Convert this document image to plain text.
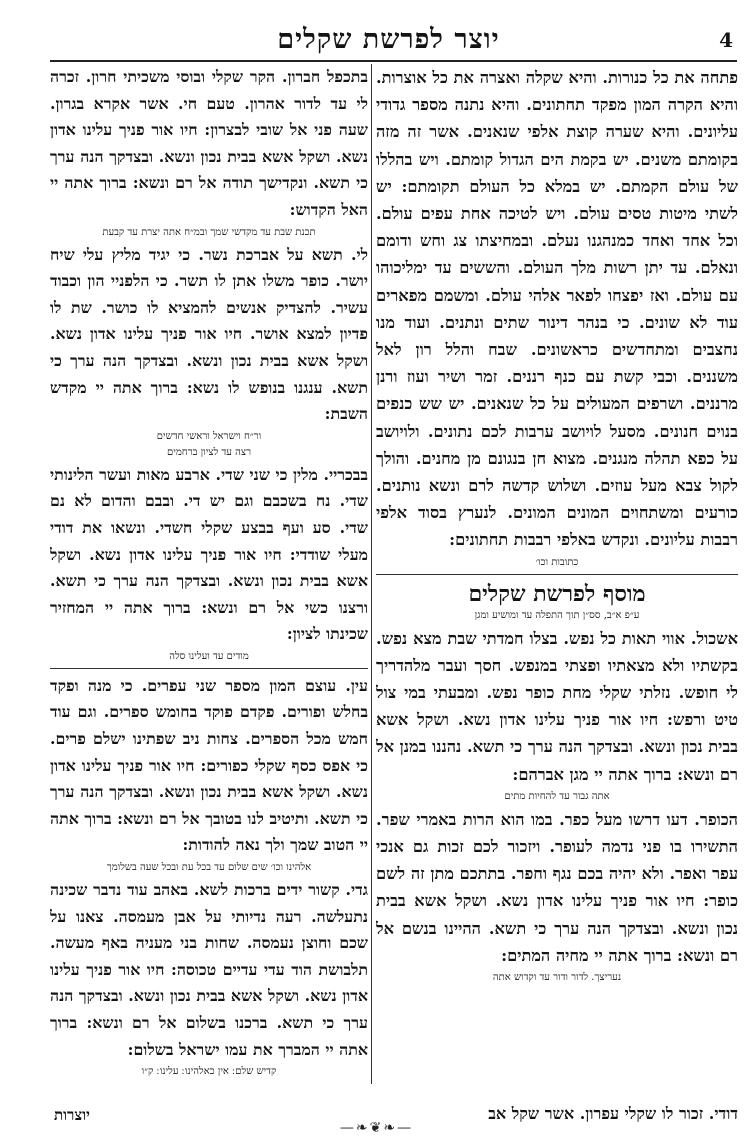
יוצר לפרשת שקלים	4

פתחה את כל כנורות. והיא שקלה ואצרה את כל אוצרות. והיא הקרה המון מפקד תחתונים. והיא נתנה מספר גדודי עליונים. והיא שערה קוצת אלפי שנאנים. אשר זה מזה בקומתם משנים. יש בקמת הים הגדול קומתם. ויש בהללו של עולם הקמתם. יש במלא כל העולם תקומתם: יש לשתי מיטות טסים עולם. ויש לטיכה אחת עפים עולם. וכל אחד ואחד כמנהגנו נעלם. ובמחיצתו צג וחש ודומם ונאלם. עד יתן רשות מלך העולם. והששים עד ימליכוהו עם עולם. ואז יפצחו לפאר אלהי עולם. ומשמם מפארים עוד לא שונים. כי בנהר דינור שתים ונתנים. ועוד מנו נחצבים ומתחדשים כראשונים. שבח והלל רון לאל משננים. וכבי קשת עם כנף רננים. זמר ושיר ועוז ורנן מרננים. ושרפים המעולים על כל שנאנים. יש שש כנפים בנוים חנונים. מסעל לויושב ערבות לכם נתונים. ולויושב על כפא תהלה מנגנים. מצוא חן בנגונם מן מחנים. והולך לקול צבא מעל עוזים. ושלוש קדשה לרם ונשא נותנים. כורעים ומשתחוים המונים המונים. לנערץ בסוד אלפי רבבות עליונים. ונקדש באלפי רבבות תחתונים:

כתובות וכו׳
מוסף לפרשת שקלים
ע״פ א״ב, סס״ן תוך התפלה עד ומושיע ומגן

אשכול. אווי תאות כל נפש. בצלו חמדתי שבת מצא נפש. בקשתיו ולא מצאתיו ופצתי במנפש. חסך ועבר מלהדריך לי חופש. נזלתי שקלי מחת כופר נפש. ומבעתי במי צול טיט ורפש: חיו אור פניך עלינו אדון נשא. ושקל אשא בבית נכון ונשא. ובצדקך הנה ערך כי תשא. נהננו במנן אל רם ונשא: ברוך אתה יי מגן אברהם:

אתה גבור עד להחיות מתים

הכופר. דעו דרשו מעל כפר. במו הוא הרות באמרי שפר. התשירו בו פני נדמה לעופר. ויזכור לכם זכות גם אנכי עפר ואפר. ולא יהיה בכם נגף וחפר. בתתכם מתן זה לשם כופר: חיו אור פניך עלינו אדון נשא. ושקל אשא בבית נכון ונשא. ובצדקך הנה ערך כי תשא. ההיינו בנשם אל רם ונשא: ברוך אתה יי מחיה המתים:

נעריצך. לדור ודור עד וקדוש אתה

בתכפל חברון. הקר שקלי ובוסי משכיתי חרון. זכרה לי עד לדור אהרון. טעם חי. אשר אקרא בגרון. שעה פני אל שובי לבצרון: חיו אור פניך עלינו אדון נשא. ושקל אשא בבית נכון ונשא. ובצדקך הנה ערך כי תשא. ונקדישך תודה אל רם ונשא: ברוך אתה יי האל הקדוש:

תכנת שבת עד מקדשי שמך ובמ״ח אתה יצרת עד קבעת

לי. תשא על אברכת נשר. כי יגיד מליץ עלי שיח יושר. כופר משלו אתן לו תשר. כי הלפניי הון וכבוד עשיר. להצדיק אנשים להמציא לו כושר. שת לו פדיון למצא אושר. חיו אור פניך עלינו אדון נשא. ושקל אשא בבית נכון ונשא. ובצדקך הנה ערך כי תשא. ענגנו בנופש לו נשא: ברוך אתה יי מקדש השבת:

ור״ח וישראל וראשי חדשים
רצה עד לציון ברחמים

בבכריי. מלין כי שני שדי. ארבע מאות ועשר הלינותי שדי. נח בשכבם וגם יש די. ובבם והדום לא נם שדי. סע ועף בבצע שקלי חשדי. ונשאו את דודי מעלי שודדי: חיו אור פניך עלינו אדון נשא. ושקל אשא בבית נכון ונשא. ובצדקך הנה ערך כי תשא. ורצנו כשי אל רם ונשא: ברוך אתה יי המחזיר שכינתו לציון:

מודים עד ועלינו סלה

עין. עוצם המון מספר שני עפרים. כי מנה ופקד בחלש ופורים. פקדם פוקד בחומש ספרים. וגם עוד חמש מכל הספרים. צחות ניב שפתינו ישלם פרים. כי אפס כסף שקלי כפורים: חיו אור פניך עלינו אדון נשא. ושקל אשא בבית נכון ונשא. ובצדקך הנה ערך כי תשא. ותיטיב לנו בטובך אל רם ונשא: ברוך אתה יי הטוב שמך ולך נאה להודות:

אלהינו וכו׳ שים שלום עד בכל עת ובכל שעה בשלומך

גדי. קשור ידים ברכות לשא. באהב עוד נדבר שכינה נתעלשה. רעה נדיותי על אבן מעמסה. צאנו על שכם וחוצן נעמסה. שחות בני מעניה באף מעשה. תלבושת הוד עדי עדיים טכוסה: חיו אור פניך עלינו אדון נשא. ושקל אשא בבית נכון ונשא. ובצדקך הנה ערך כי תשא. ברכנו בשלום אל רם ונשא: ברוך אתה יי המברך את עמו ישראל בשלום:

קדיש שלם ׃ אין כאלהינו ׃ עלינו ׃ ק״ו
דודי. זכור לו שקלי עפרון. אשר שקל אב
יוצרות
—❧❦❧—
